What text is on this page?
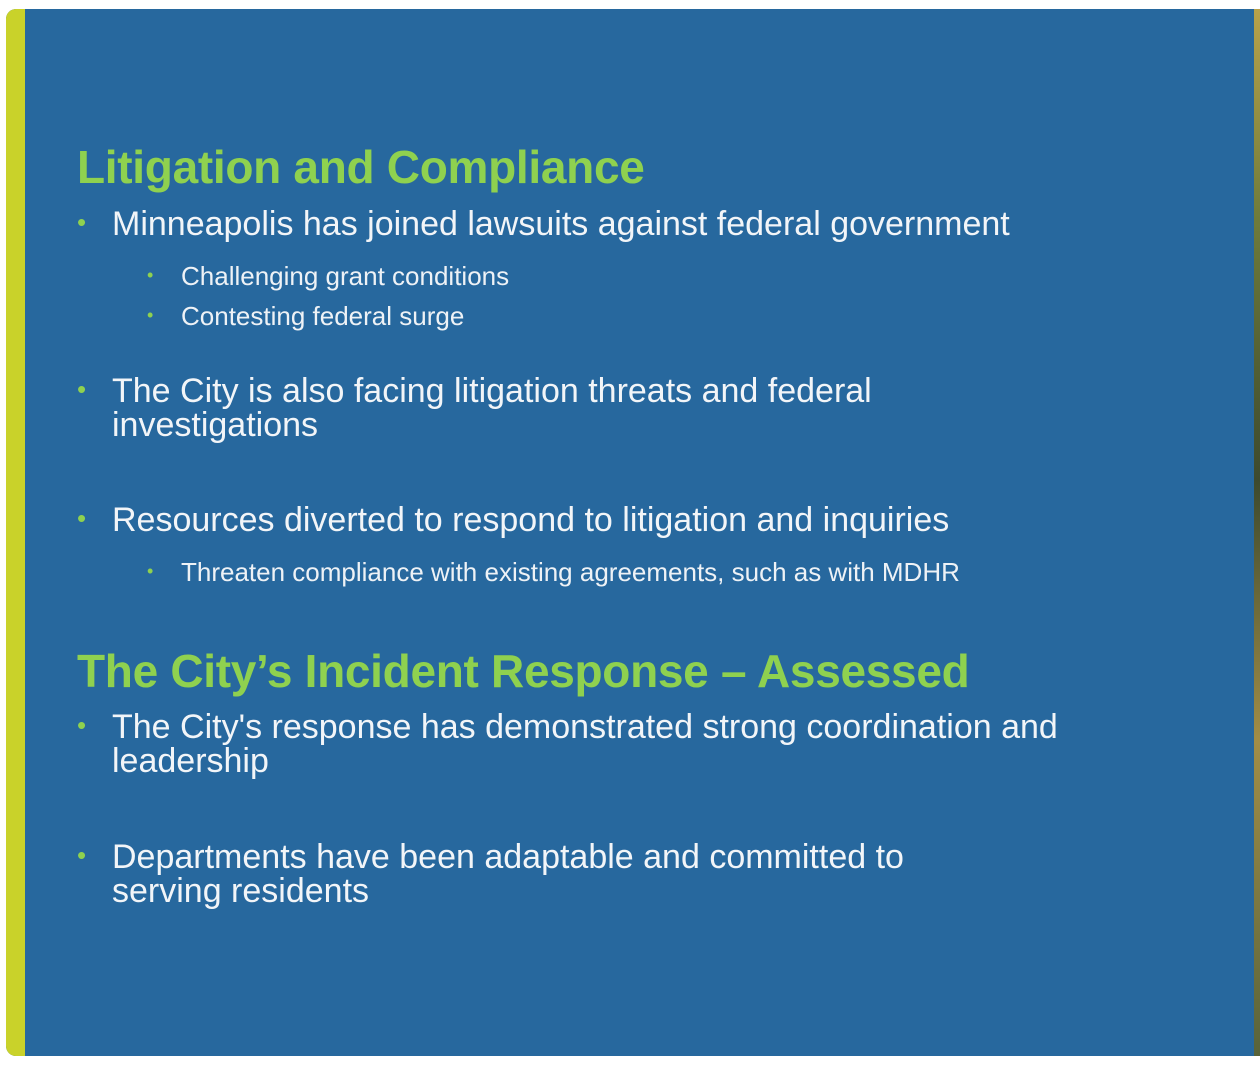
Litigation and Compliance
• Minneapolis has joined lawsuits against federal government
• Challenging grant conditions
• Contesting federal surge
• The City is also facing litigation threats and federal investigations
• Resources diverted to respond to litigation and inquiries
• Threaten compliance with existing agreements, such as with MDHR
The City’s Incident Response – Assessed
• The City's response has demonstrated strong coordination and leadership
• Departments have been adaptable and committed to serving residents
